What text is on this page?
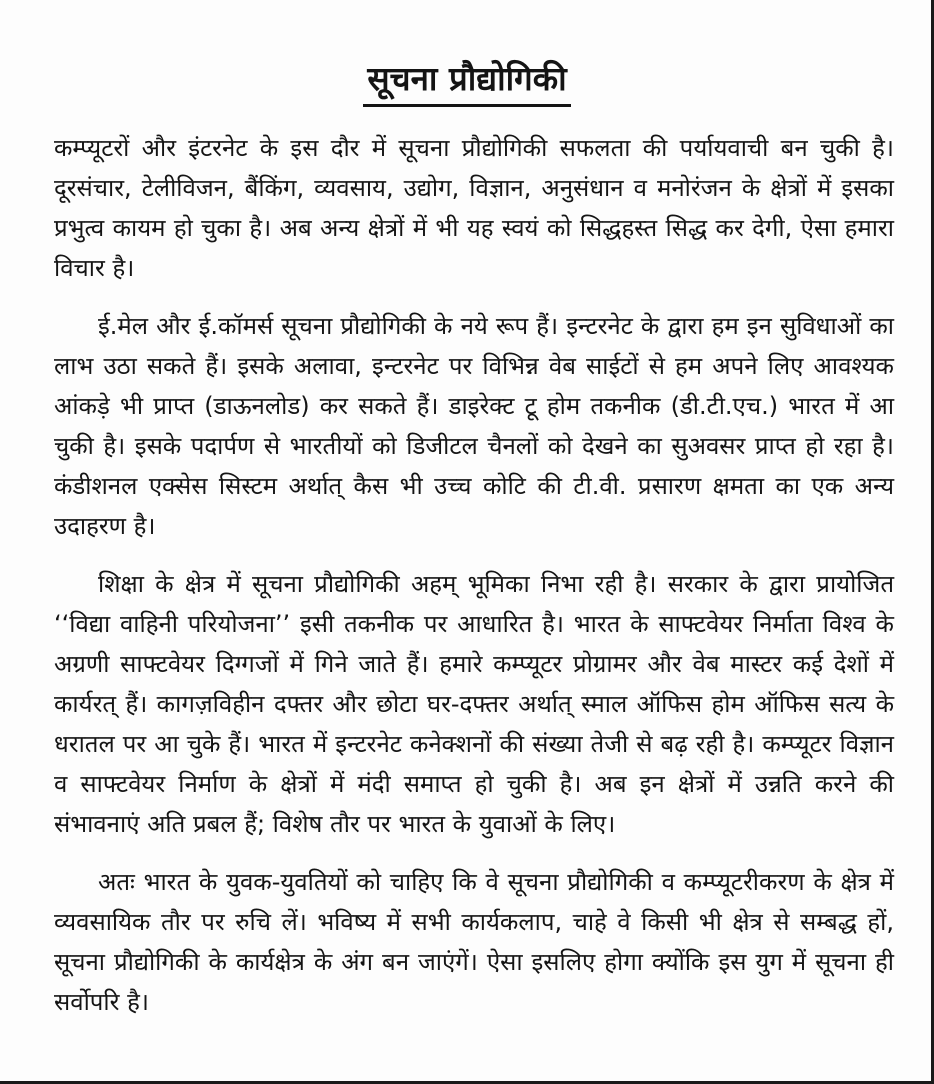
सूचना प्रौद्योगिकी

कम्प्यूटरों और इंटरनेट के इस दौर में सूचना प्रौद्योगिकी सफलता की पर्यायवाची बन चुकी है। दूरसंचार, टेलीविजन, बैंकिंग, व्यवसाय, उद्योग, विज्ञान, अनुसंधान व मनोरंजन के क्षेत्रों में इसका प्रभुत्व कायम हो चुका है। अब अन्य क्षेत्रों में भी यह स्वयं को सिद्धहस्त सिद्ध कर देगी, ऐसा हमारा विचार है।

ई.मेल और ई.कॉमर्स सूचना प्रौद्योगिकी के नये रूप हैं। इन्टरनेट के द्वारा हम इन सुविधाओं का लाभ उठा सकते हैं। इसके अलावा, इन्टरनेट पर विभिन्न वेब साईटों से हम अपने लिए आवश्यक आंकड़े भी प्राप्त (डाऊनलोड) कर सकते हैं। डाइरेक्ट टू होम तकनीक (डी.टी.एच.) भारत में आ चुकी है। इसके पदार्पण से भारतीयों को डिजीटल चैनलों को देखने का सुअवसर प्राप्त हो रहा है। कंडीशनल एक्सेस सिस्टम अर्थात् कैस भी उच्च कोटि की टी.वी. प्रसारण क्षमता का एक अन्य उदाहरण है।

शिक्षा के क्षेत्र में सूचना प्रौद्योगिकी अहम् भूमिका निभा रही है। सरकार के द्वारा प्रायोजित ‘‘विद्या वाहिनी परियोजना’’ इसी तकनीक पर आधारित है। भारत के साफ्टवेयर निर्माता विश्व के अग्रणी साफ्टवेयर दिग्गजों में गिने जाते हैं। हमारे कम्प्यूटर प्रोग्रामर और वेब मास्टर कई देशों में कार्यरत् हैं। कागज़विहीन दफ्तर और छोटा घर-दफ्तर अर्थात् स्माल ऑफिस होम ऑफिस सत्य के धरातल पर आ चुके हैं। भारत में इन्टरनेट कनेक्शनों की संख्या तेजी से बढ़ रही है। कम्प्यूटर विज्ञान व साफ्टवेयर निर्माण के क्षेत्रों में मंदी समाप्त हो चुकी है। अब इन क्षेत्रों में उन्नति करने की संभावनाएं अति प्रबल हैं; विशेष तौर पर भारत के युवाओं के लिए।

अतः भारत के युवक-युवतियों को चाहिए कि वे सूचना प्रौद्योगिकी व कम्प्यूटरीकरण के क्षेत्र में व्यवसायिक तौर पर रुचि लें। भविष्य में सभी कार्यकलाप, चाहे वे किसी भी क्षेत्र से सम्बद्ध हों, सूचना प्रौद्योगिकी के कार्यक्षेत्र के अंग बन जाएंगें। ऐसा इसलिए होगा क्योंकि इस युग में सूचना ही सर्वोपरि है।
